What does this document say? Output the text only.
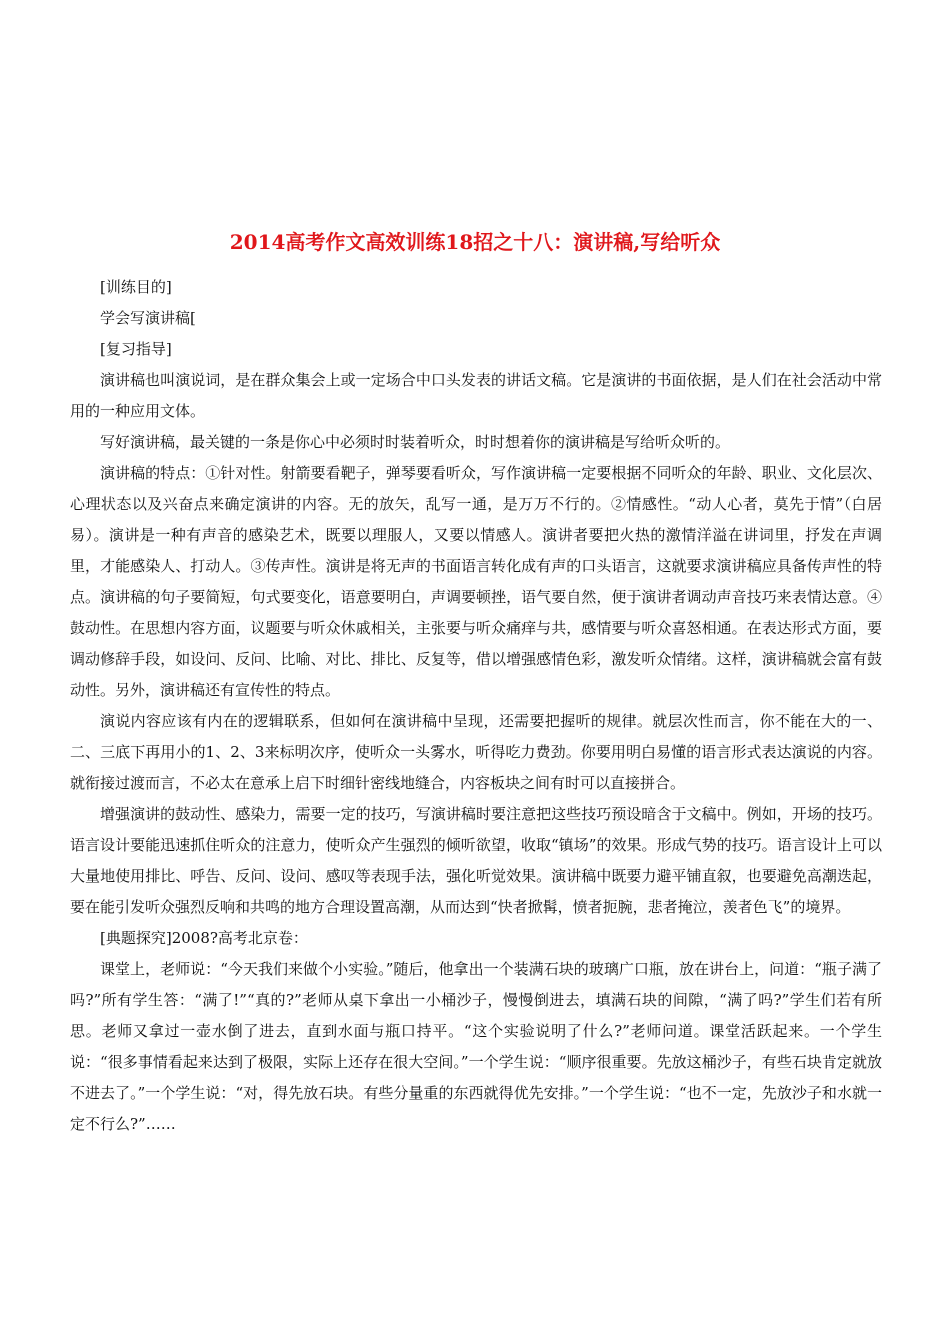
2014高考作文高效训练18招之十八：演讲稿,写给听众

[训练目的]

学会写演讲稿[

[复习指导]

演讲稿也叫演说词，是在群众集会上或一定场合中口头发表的讲话文稿。它是演讲的书面依据，是人们在社会活动中常用的一种应用文体。

写好演讲稿，最关键的一条是你心中必须时时装着听众，时时想着你的演讲稿是写给听众听的。

演讲稿的特点：①针对性。射箭要看靶子，弹琴要看听众，写作演讲稿一定要根据不同听众的年龄、职业、文化层次、心理状态以及兴奋点来确定演讲的内容。无的放矢，乱写一通，是万万不行的。②情感性。“动人心者，莫先于情”（白居易）。演讲是一种有声音的感染艺术，既要以理服人，又要以情感人。演讲者要把火热的激情洋溢在讲词里，抒发在声调里，才能感染人、打动人。③传声性。演讲是将无声的书面语言转化成有声的口头语言，这就要求演讲稿应具备传声性的特点。演讲稿的句子要简短，句式要变化，语意要明白，声调要顿挫，语气要自然，便于演讲者调动声音技巧来表情达意。④鼓动性。在思想内容方面，议题要与听众休戚相关，主张要与听众痛痒与共，感情要与听众喜怒相通。在表达形式方面，要调动修辞手段，如设问、反问、比喻、对比、排比、反复等，借以增强感情色彩，激发听众情绪。这样，演讲稿就会富有鼓动性。另外，演讲稿还有宣传性的特点。

演说内容应该有内在的逻辑联系，但如何在演讲稿中呈现，还需要把握听的规律。就层次性而言，你不能在大的一、二、三底下再用小的1、2、3来标明次序，使听众一头雾水，听得吃力费劲。你要用明白易懂的语言形式表达演说的内容。就衔接过渡而言，不必太在意承上启下时细针密线地缝合，内容板块之间有时可以直接拼合。

增强演讲的鼓动性、感染力，需要一定的技巧，写演讲稿时要注意把这些技巧预设暗含于文稿中。例如，开场的技巧。语言设计要能迅速抓住听众的注意力，使听众产生强烈的倾听欲望，收取“镇场”的效果。形成气势的技巧。语言设计上可以大量地使用排比、呼告、反问、设问、感叹等表现手法，强化听觉效果。演讲稿中既要力避平铺直叙，也要避免高潮迭起，要在能引发听众强烈反响和共鸣的地方合理设置高潮，从而达到“快者掀髯，愤者扼腕，悲者掩泣，羡者色飞”的境界。

[典题探究]2008?高考北京卷：

课堂上，老师说：“今天我们来做个小实验。”随后，他拿出一个装满石块的玻璃广口瓶，放在讲台上，问道：“瓶子满了吗?”所有学生答：“满了!”“真的?”老师从桌下拿出一小桶沙子，慢慢倒进去，填满石块的间隙，“满了吗?”学生们若有所思。老师又拿过一壶水倒了进去，直到水面与瓶口持平。“这个实验说明了什么?”老师问道。课堂活跃起来。一个学生说：“很多事情看起来达到了极限，实际上还存在很大空间。”一个学生说：“顺序很重要。先放这桶沙子，有些石块肯定就放不进去了。”一个学生说：“对，得先放石块。有些分量重的东西就得优先安排。”一个学生说：“也不一定，先放沙子和水就一定不行么?”……
